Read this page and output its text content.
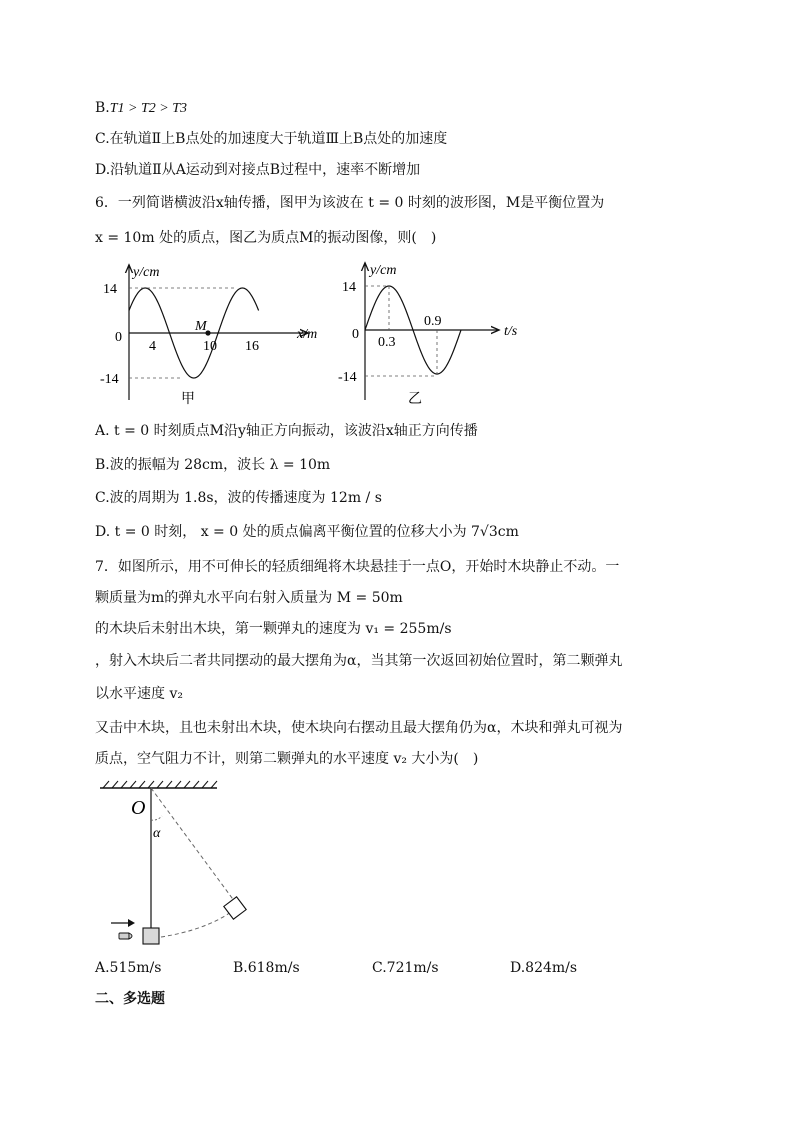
B.T1 > T2 > T3
C.在轨道Ⅱ上B点处的加速度大于轨道Ⅲ上B点处的加速度
D.沿轨道Ⅱ从A运动到对接点B过程中，速率不断增加
6．一列简谐横波沿x轴传播，图甲为该波在 t = 0 时刻的波形图，M是平衡位置为
x = 10m 处的质点，图乙为质点M的振动图像，则(　)
y/cm
x/m
14
-14
0
4	10 16
M
甲
y/cm
t/s
14
-14
0
0.3
0.9
乙
A. t = 0 时刻质点M沿y轴正方向振动，该波沿x轴正方向传播
B.波的振幅为 28cm，波长 λ = 10m
C.波的周期为 1.8s，波的传播速度为 12m / s
D. t = 0 时刻， x = 0 处的质点偏离平衡位置的位移大小为 7√3cm
7．如图所示，用不可伸长的轻质细绳将木块悬挂于一点O，开始时木块静止不动。一
颗质量为m的弹丸水平向右射入质量为 M = 50m
的木块后未射出木块，第一颗弹丸的速度为 v₁ = 255m/s
，射入木块后二者共同摆动的最大摆角为α，当其第一次返回初始位置时，第二颗弹丸
以水平速度 v₂
又击中木块，且也未射出木块，使木块向右摆动且最大摆角仍为α，木块和弹丸可视为
质点，空气阻力不计，则第二颗弹丸的水平速度 v₂ 大小为(　)
O
α
A.515m/s	B.618m/s	C.721m/s	D.824m/s
二、多选题
